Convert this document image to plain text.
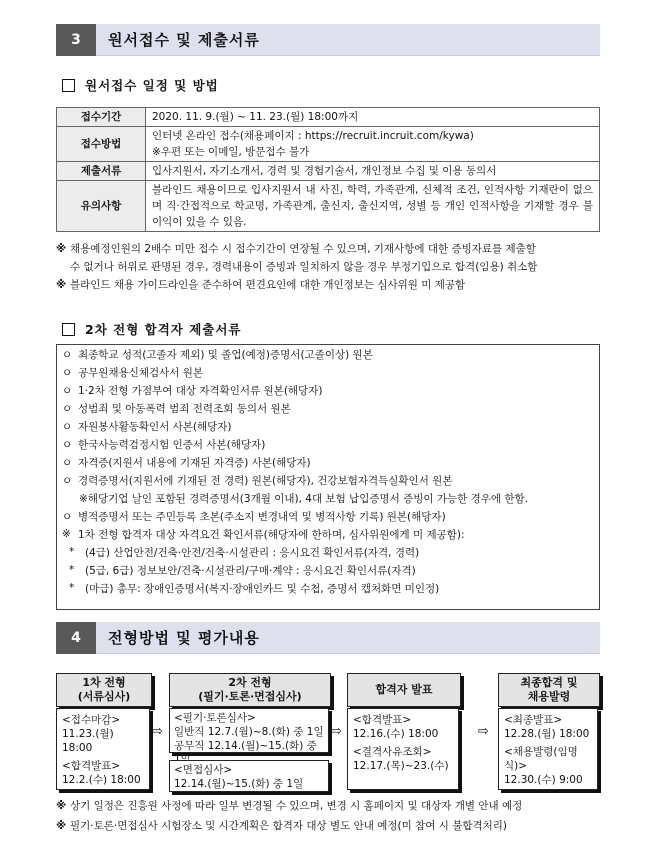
3	원서접수 및 제출서류
원서접수 일정 및 방법
접수기간	2020. 11. 9.(월) ~ 11. 23.(월) 18:00까지

접수방법	인터넷 온라인 접수(채용페이지 : https://recruit.incruit.com/kywa)
※우편 또는 이메일, 방문접수 불가

제출서류	입사지원서, 자기소개서, 경력 및 경험기술서, 개인정보 수집 및 이용 동의서

유의사항	블라인드 채용이므로 입사지원서 내 사진, 학력, 가족관계, 신체적 조건, 인적사항 기재란이 없으며 직·간접적으로 학교명, 가족관계, 출신지, 출신지역, 성별 등 개인 인적사항을 기재할 경우 불이익이 있을 수 있음.
※ 채용예정인원의 2배수 미만 접수 시 접수기간이 연장될 수 있으며, 기재사항에 대한 증빙자료를 제출할
수 없거나 허위로 판명된 경우, 경력내용이 증빙과 일치하지 않을 경우 부정기입으로 합격(임용) 취소함
※ 블라인드 채용 가이드라인을 준수하여 편견요인에 대한 개인정보는 심사위원 미 제공함
2차 전형 합격자 제출서류
ㅇ 최종학교 성적(고졸자 제외) 및 졸업(예정)증명서(고졸이상) 원본
ㅇ 공무원채용신체검사서 원본
ㅇ 1·2차 전형 가점부여 대상 자격확인서류 원본(해당자)
ㅇ 성범죄 및 아동폭력 범죄 전력조회 동의서 원본
ㅇ 자원봉사활동확인서 사본(해당자)
ㅇ 한국사능력검정시험 인증서 사본(해당자)
ㅇ 자격증(지원서 내용에 기재된 자격증) 사본(해당자)
ㅇ 경력증명서(지원서에 기재된 전 경력) 원본(해당자), 건강보험자격득실확인서 원본
※해당기업 날인 포함된 경력증명서(3개월 이내), 4대 보험 납입증명서 증빙이 가능한 경우에 한함.
ㅇ 병적증명서 또는 주민등록 초본(주소지 변경내역 및 병적사항 기록) 원본(해당자)
※ 1차 전형 합격자 대상 자격요건 확인서류(해당자에 한하며, 심사위원에게 미 제공함):
*	(4급) 산업안전/건축·안전/건축·시설관리 : 응시요건 확인서류(자격, 경력)
*	(5급, 6급) 정보보안/건축·시설관리/구매·계약 : 응시요건 확인서류(자격)
*	(마급) 총무: 장애인증명서(복지·장애인카드 및 수첩, 증명서 캡처화면 미인정)
4	전형방법 및 평가내용
1차 전형
(서류심사)
<접수마감>
11.23.(월) 18:00
<합격발표>
12.2.(수) 18:00
⇨
2차 전형
(필기·토론·면접심사)
<필기·토론심사>
일반직 12.7.(월)~8.(화) 중 1일
공무직 12.14.(월)~15.(화) 중
<면접심사>
12.14.(월)~15.(화) 중 1일
⇨
합격자 발표
<합격발표>
12.16.(수) 18:00
<결격사유조회>
12.17.(목)~23.(수)
⇨
최종합격 및
채용발령
<최종발표>
12.28.(월) 18:00
<채용발령(임명식)>
12.30.(수) 9:00
※ 상기 일정은 진흥원 사정에 따라 일부 변경될 수 있으며, 변경 시 홈페이지 및 대상자 개별 안내 예정
※ 필기·토론·면접심사 시험장소 및 시간계획은 합격자 대상 별도 안내 예정(미 참여 시 불합격처리)
